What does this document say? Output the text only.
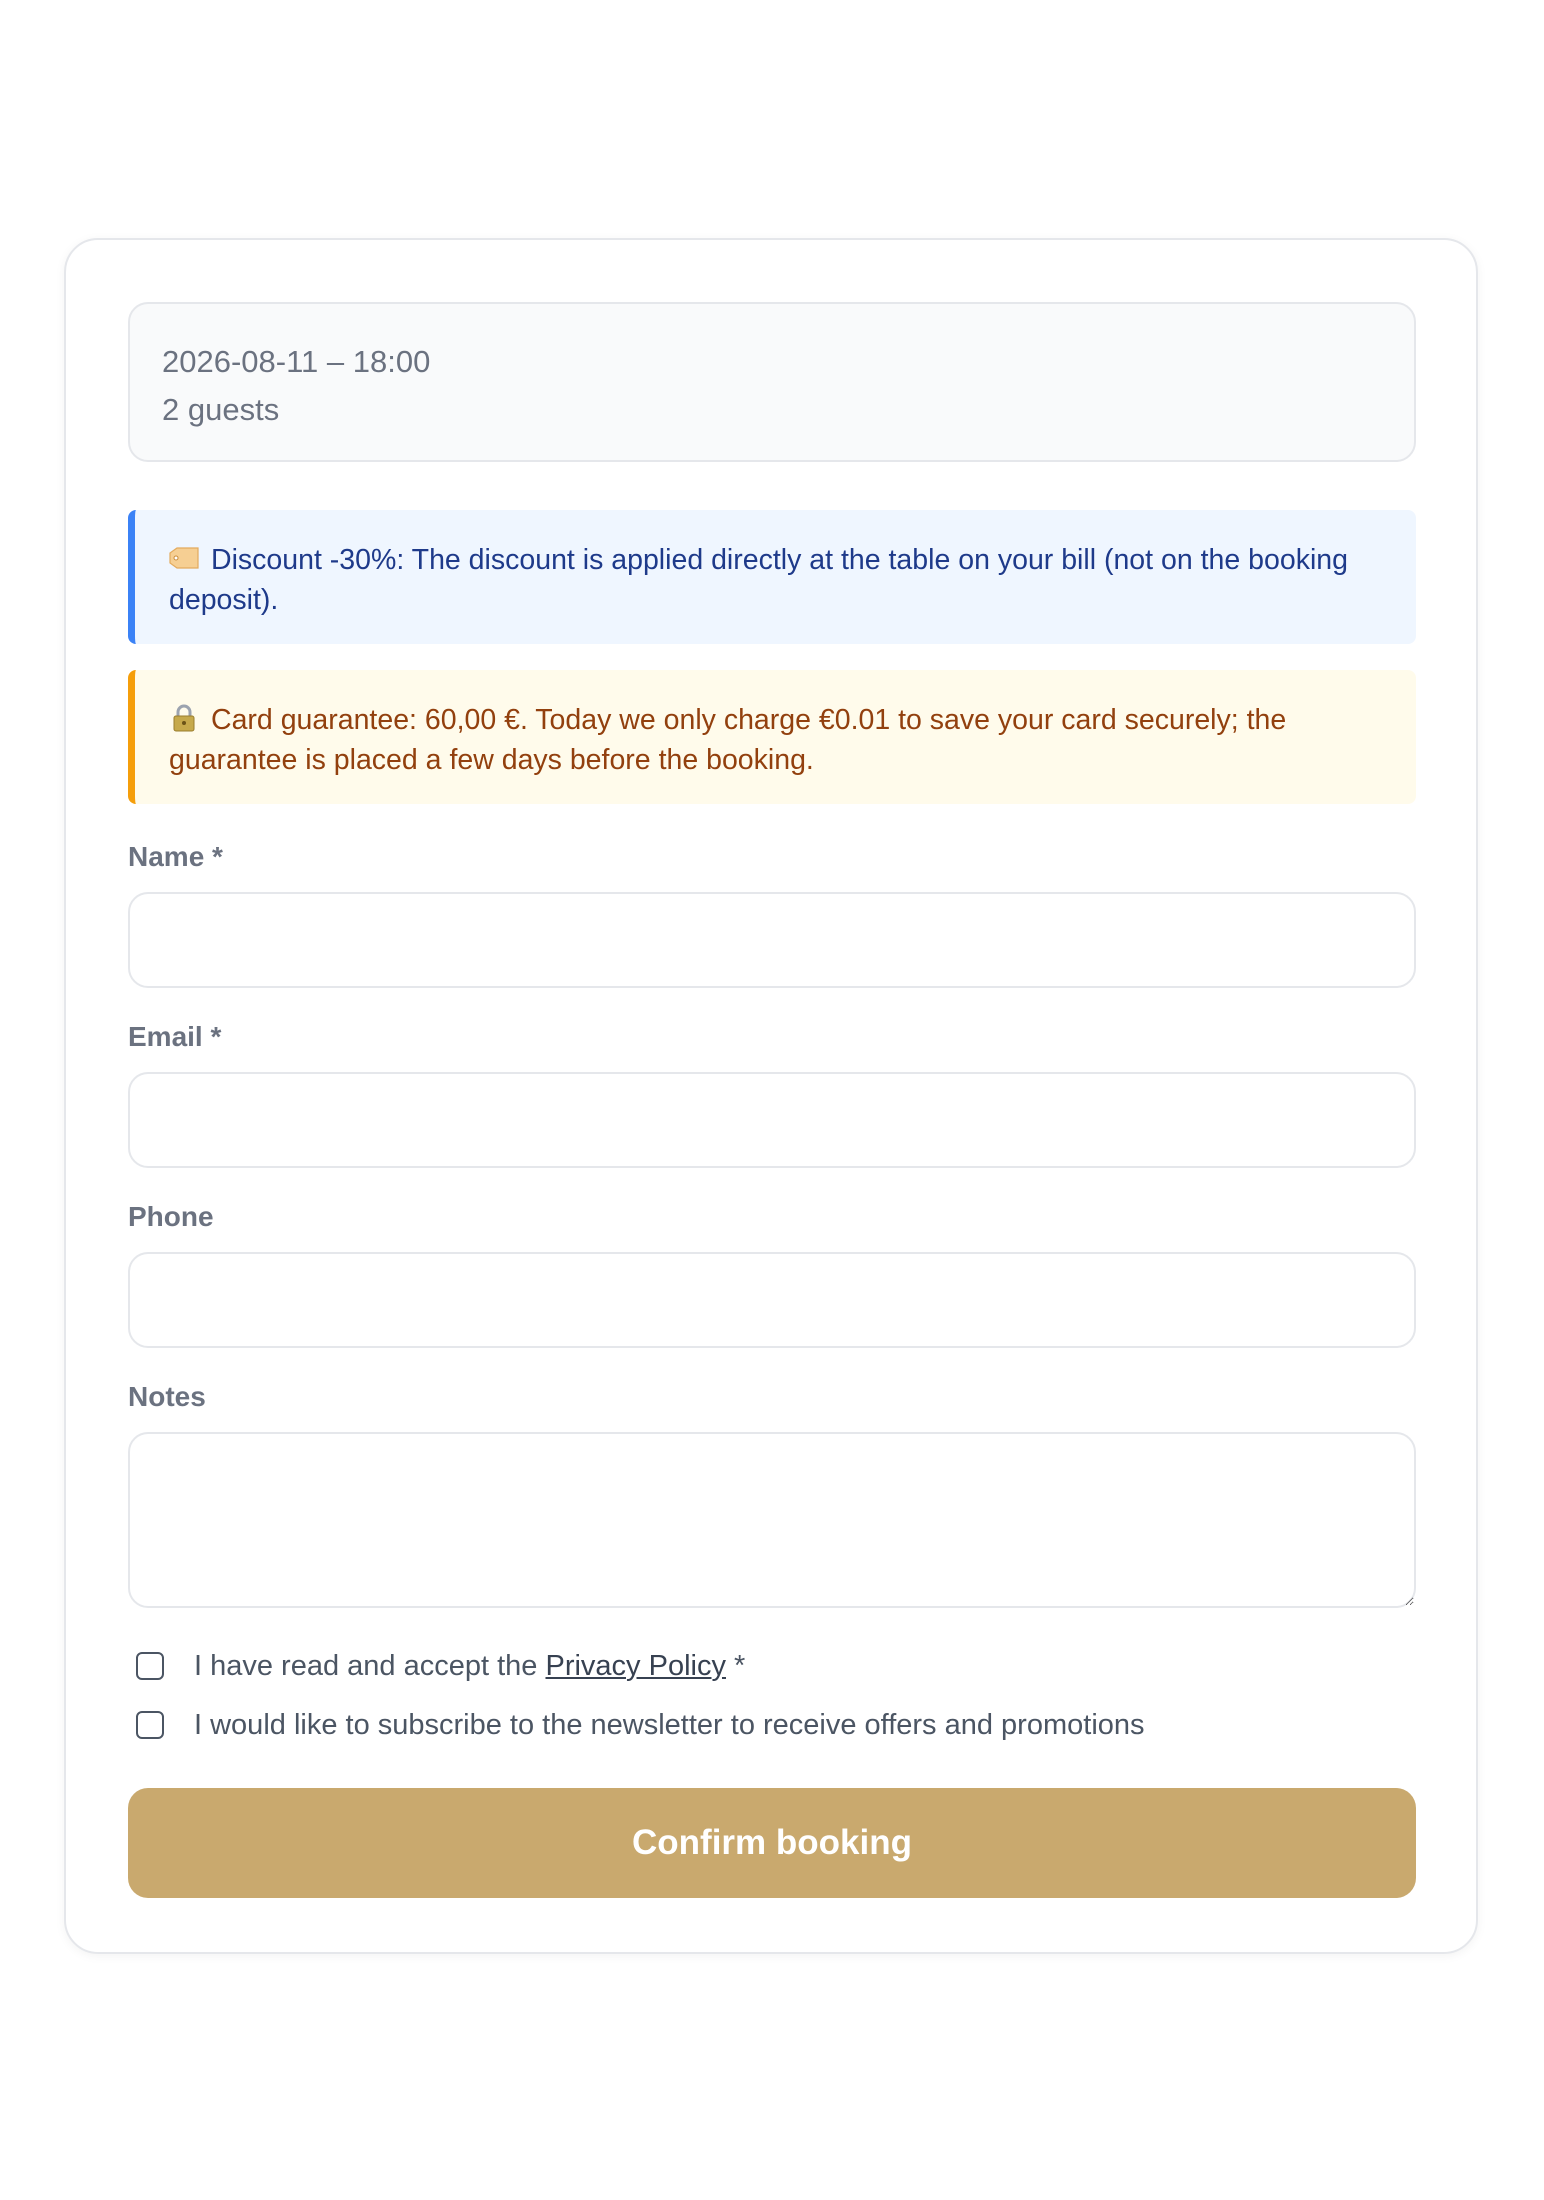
2026-08-11 – 18:00
2 guests
Discount -30%: The discount is applied directly at the table on your bill (not on the booking deposit).
Card guarantee: 60,00 €. Today we only charge €0.01 to save your card securely; the guarantee is placed a few days before the booking.
Name *
Email *
Phone
Notes
I have read and accept the Privacy Policy *
I would like to subscribe to the newsletter to receive offers and promotions
Confirm booking
